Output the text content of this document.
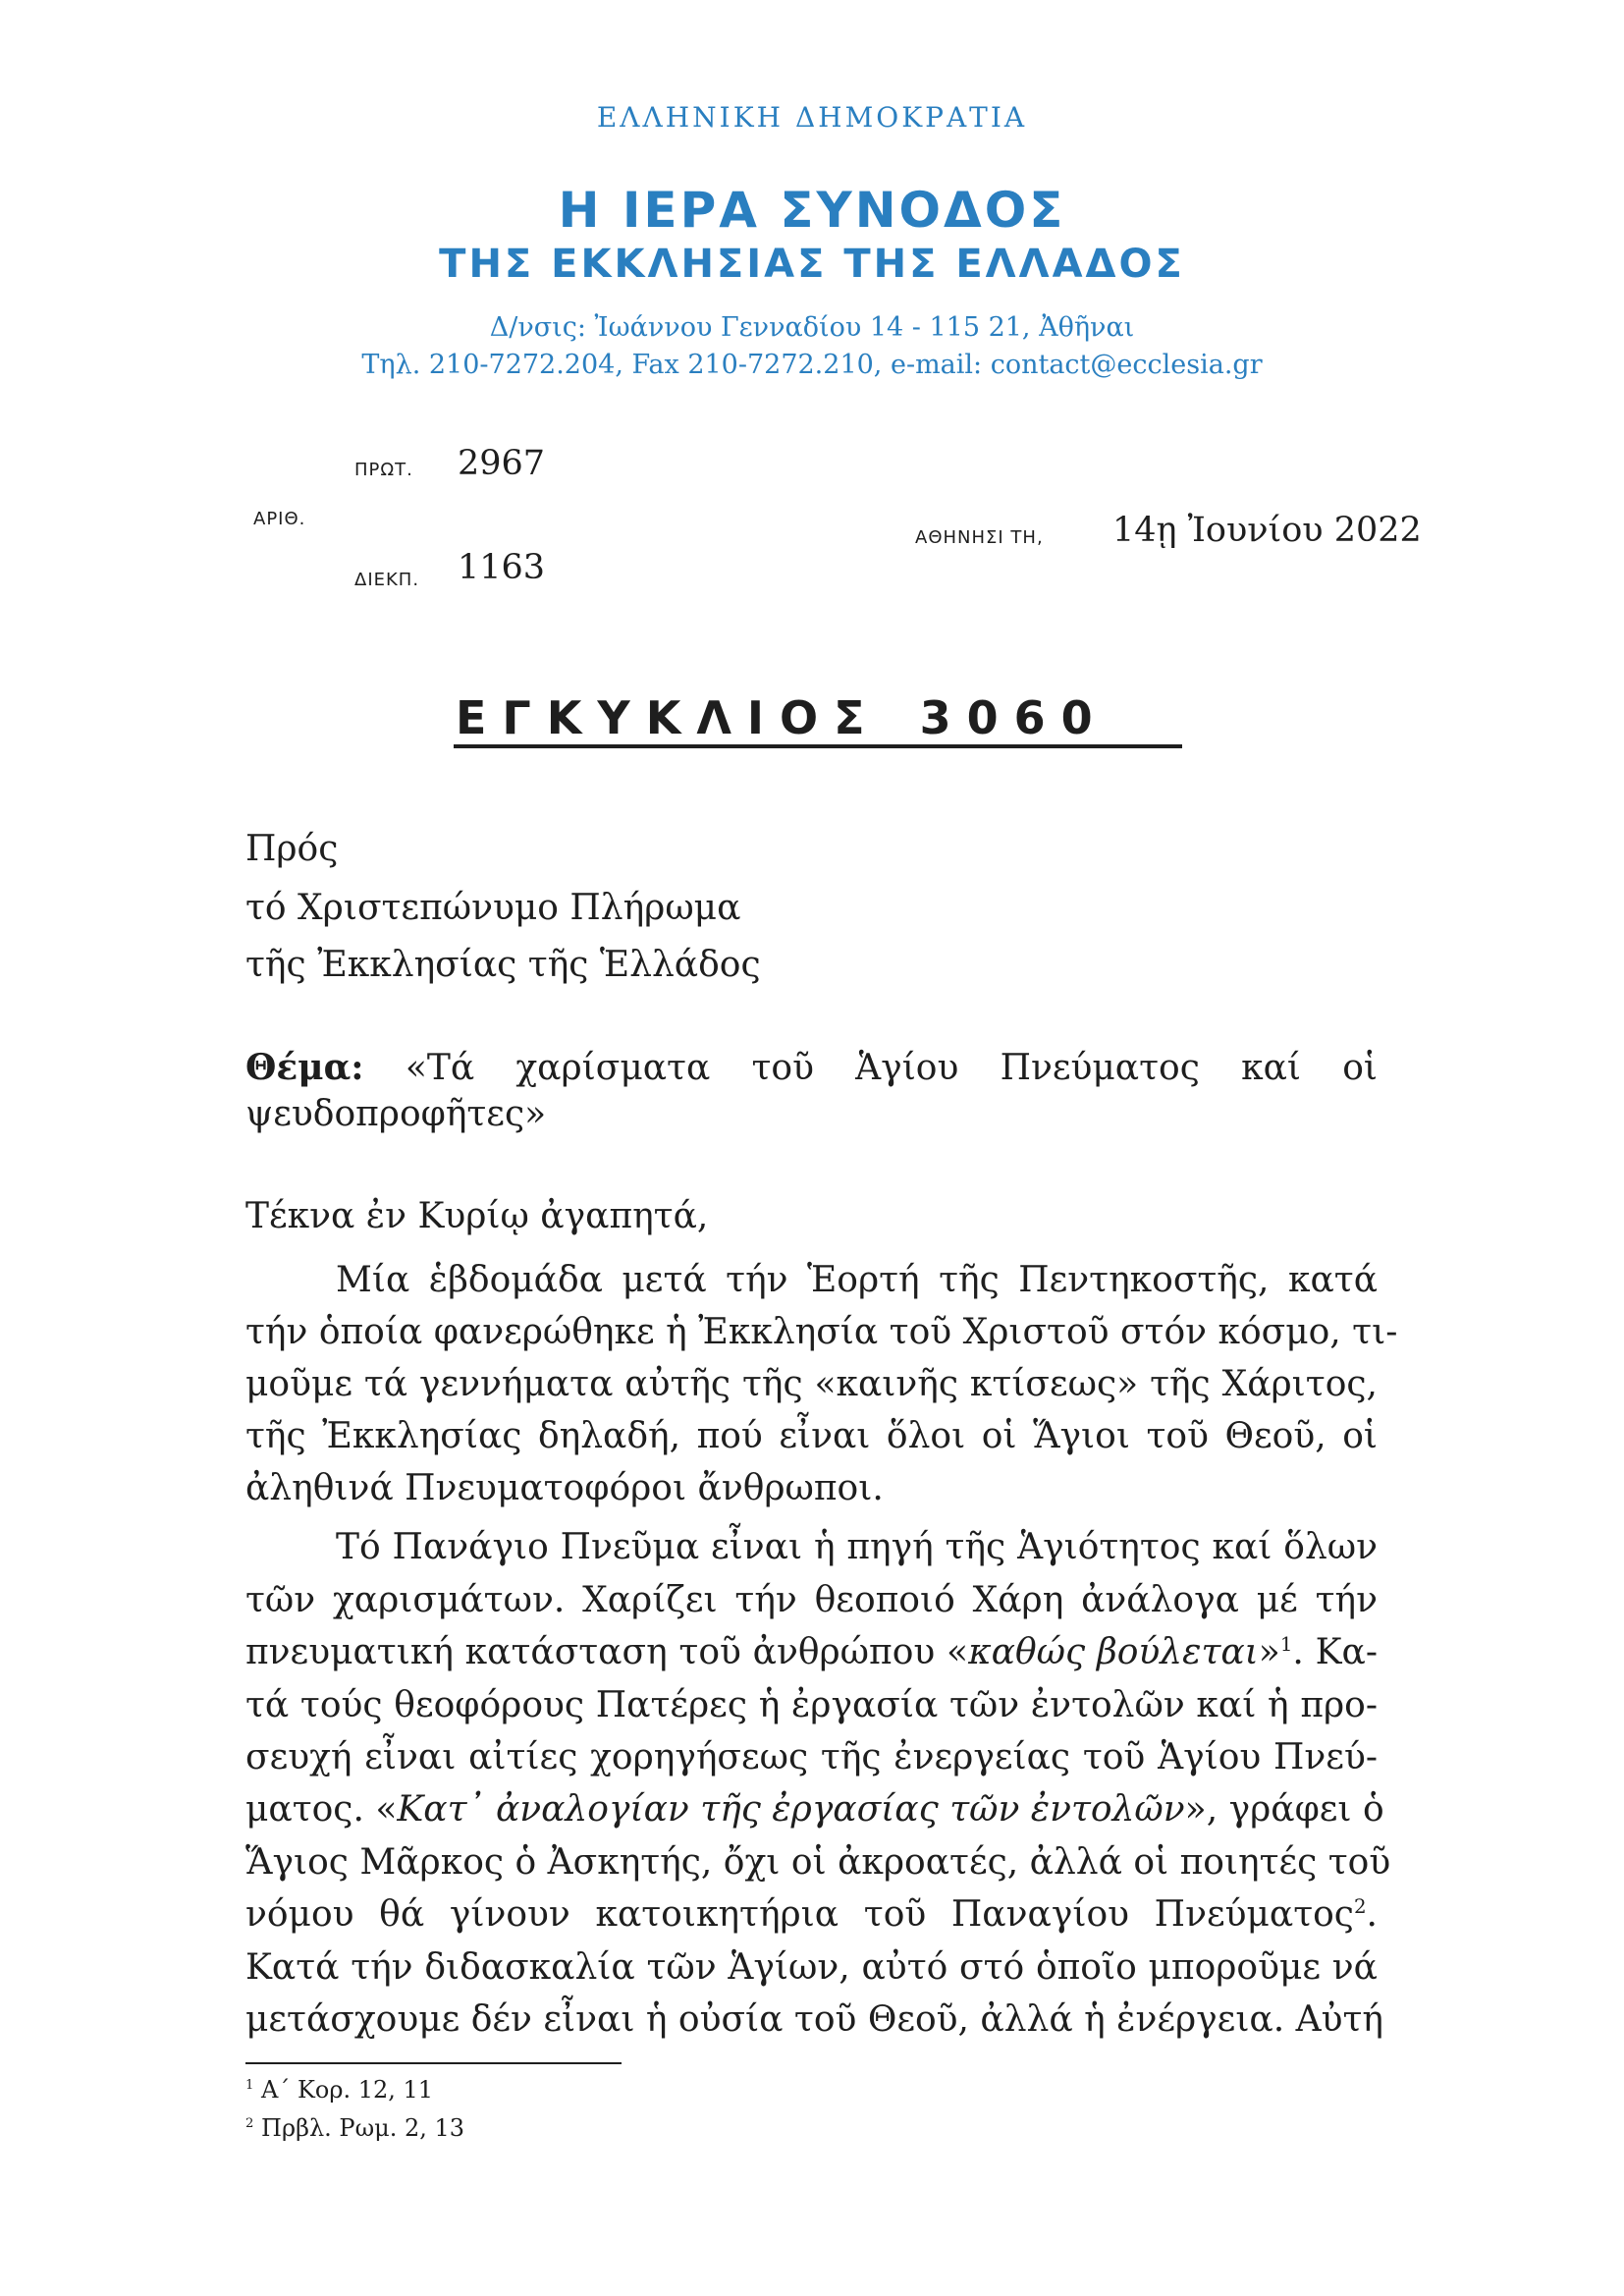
ΕΛΛΗΝΙΚΗ ΔΗΜΟΚΡΑΤΙΑ
Η ΙΕΡΑ ΣΥΝΟΔΟΣ
ΤΗΣ ΕΚΚΛΗΣΙΑΣ ΤΗΣ ΕΛΛΑΔΟΣ
Δ/νσις: Ἰωάννου Γενναδίου 14 - 115 21, Ἀθῆναι
Τηλ. 210-7272.204, Fax 210-7272.210, e-mail: contact@ecclesia.gr
ΠΡΩΤ. 2967
ΑΡΙΘ.
ΔΙΕΚΠ. 1163
ΑΘΗΝΗΣΙ ΤΗ, 14ῃ Ἰουνίου 2022
ΕΓΚΥΚΛΙΟΣ 3060
Πρός
τό Χριστεπώνυμο Πλήρωμα
τῆς Ἐκκλησίας τῆς Ἑλλάδος
Θέμα: «Τά χαρίσματα τοῦ Ἁγίου Πνεύματος καί οἱ
ψευδοπροφῆτες»
Τέκνα ἐν Κυρίῳ ἀγαπητά,
Μία ἑβδομάδα μετά τήν Ἑορτή τῆς Πεντηκοστῆς, κατά
τήν ὁποία φανερώθηκε ἡ Ἐκκλησία τοῦ Χριστοῦ στόν κόσμο, τι-
μοῦμε τά γεννήματα αὐτῆς τῆς «καινῆς κτίσεως» τῆς Χάριτος,
τῆς Ἐκκλησίας δηλαδή, πού εἶναι ὅλοι οἱ Ἅγιοι τοῦ Θεοῦ, οἱ
ἀληθινά Πνευματοφόροι ἄνθρωποι.
Τό Πανάγιο Πνεῦμα εἶναι ἡ πηγή τῆς Ἁγιότητος καί ὅλων
τῶν χαρισμάτων. Χαρίζει τήν θεοποιό Χάρη ἀνάλογα μέ τήν
πνευματική κατάσταση τοῦ ἀνθρώπου «καθώς βούλεται»$^1$. Κα-
τά τούς θεοφόρους Πατέρες ἡ ἐργασία τῶν ἐντολῶν καί ἡ προ-
σευχή εἶναι αἰτίες χορηγήσεως τῆς ἐνεργείας τοῦ Ἁγίου Πνεύ-
ματος. «Κατ᾽ ἀναλογίαν τῆς ἐργασίας τῶν ἐντολῶν», γράφει ὁ
Ἅγιος Μᾶρκος ὁ Ἀσκητής, ὄχι οἱ ἀκροατές, ἀλλά οἱ ποιητές τοῦ
νόμου θά γίνουν κατοικητήρια τοῦ Παναγίου Πνεύματος$^2$.
Κατά τήν διδασκαλία τῶν Ἁγίων, αὐτό στό ὁποῖο μποροῦμε νά
μετάσχουμε δέν εἶναι ἡ οὐσία τοῦ Θεοῦ, ἀλλά ἡ ἐνέργεια. Αὐτή
$^1$ Α΄ Κορ. 12, 11
$^2$ Πρβλ. Ρωμ. 2, 13
